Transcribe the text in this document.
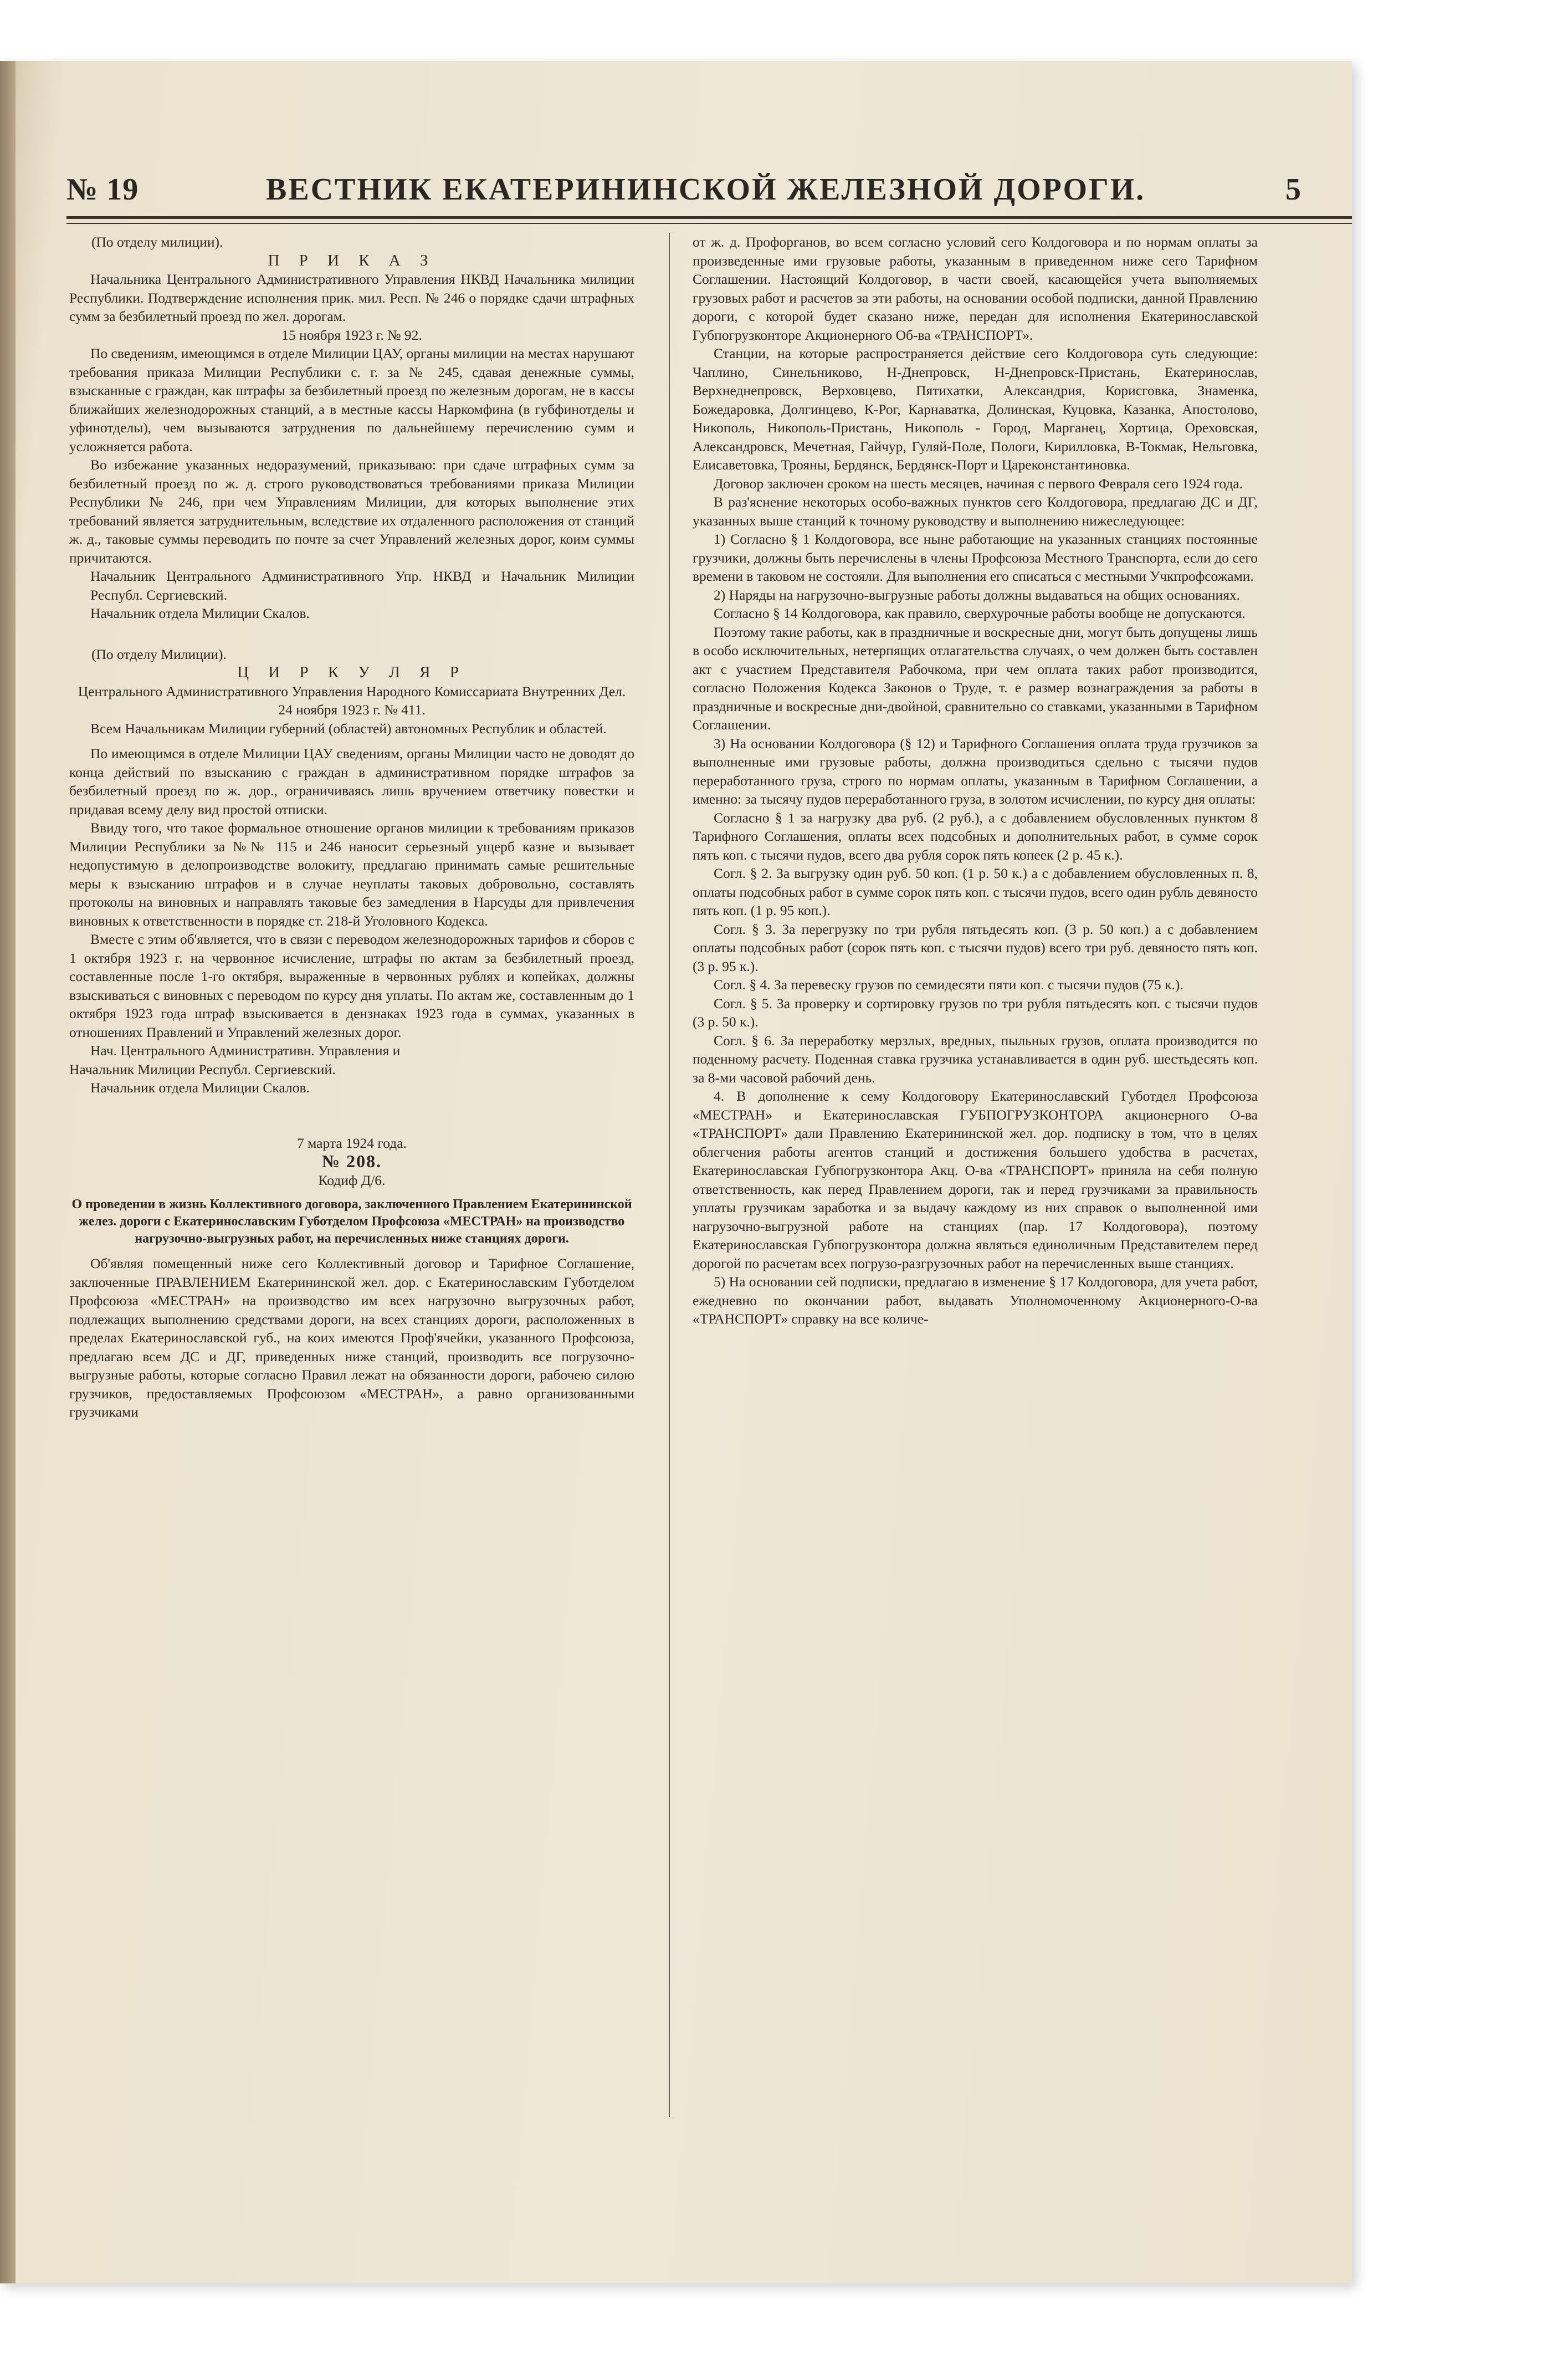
№ 19	ВЕСТНИК ЕКАТЕРИНИНСКОЙ ЖЕЛЕЗНОЙ ДОРОГИ.	5

(По отделу милиции).

П Р И К А З

Начальника Центрального Административного Управления НКВД Начальника милиции Республики. Подтверждение исполнения прик. мил. Респ. № 246 о порядке сдачи штрафных сумм за безбилетный проезд по жел. дорогам.

15 ноября 1923 г. № 92.

По сведениям, имеющимся в отделе Милиции ЦАУ, органы милиции на местах нарушают требования приказа Милиции Республики с. г. за № 245, сдавая денежные суммы, взысканные с граждан, как штрафы за безбилетный проезд по железным дорогам, не в кассы ближайших железнодорожных станций, а в местные кассы Наркомфина (в губфинотделы и уфинотделы), чем вызываются затруднения по дальнейшему перечислению сумм и усложняется работа.

Во избежание указанных недоразумений, приказываю: при сдаче штрафных сумм за безбилетный проезд по ж. д. строго руководствоваться требованиями приказа Милиции Республики № 246, при чем Управлениям Милиции, для которых выполнение этих требований является затруднительным, вследствие их отдаленного расположения от станций ж. д., таковые суммы переводить по почте за счет Управлений железных дорог, коим суммы причитаются.

Начальник Центрального Административного Упр. НКВД и Начальник Милиции Республ. Сергиевский.

Начальник отдела Милиции Скалов.

(По отделу Милиции).

Ц И Р К У Л Я Р

Центрального Административного Управления Народного Комиссариата Внутренних Дел.

24 ноября 1923 г. № 411.

Всем Начальникам Милиции губерний (областей) автономных Республик и областей.

По имеющимся в отделе Милиции ЦАУ сведениям, органы Милиции часто не доводят до конца действий по взысканию с граждан в административном порядке штрафов за безбилетный проезд по ж. дор., ограничиваясь лишь вручением ответчику повестки и придавая всему делу вид простой отписки.

Ввиду того, что такое формальное отношение органов милиции к требованиям приказов Милиции Республики за №№ 115 и 246 наносит серьезный ущерб казне и вызывает недопустимую в делопроизводстве волокиту, предлагаю принимать самые решительные меры к взысканию штрафов и в случае неуплаты таковых добровольно, составлять протоколы на виновных и направлять таковые без замедления в Нарсуды для привлечения виновных к ответственности в порядке ст. 218-й Уголовного Кодекса.

Вместе с этим об'является, что в связи с переводом железнодорожных тарифов и сборов с 1 октября 1923 г. на червонное исчисление, штрафы по актам за безбилетный проезд, составленные после 1-го октября, выраженные в червонных рублях и копейках, должны взыскиваться с виновных с переводом по курсу дня уплаты. По актам же, составленным до 1 октября 1923 года штраф взыскивается в дензнаках 1923 года в суммах, указанных в отношениях Правлений и Управлений железных дорог.

Нач. Центрального Административн. Управления и

Начальник Милиции Республ. Сергиевский.

Начальник отдела Милиции Скалов.

7 марта 1924 года.

№ 208.

Кодиф Д/6.

О проведении в жизнь Коллективного договора, заключенного Правлением Екатерининской желез. дороги с Екатеринославским Губотделом Профсоюза «МЕСТРАН» на производство нагрузочно-выгрузных работ, на перечисленных ниже станциях дороги.

Об'являя помещенный ниже сего Коллективный договор и Тарифное Соглашение, заключенные ПРАВЛЕНИЕМ Екатерининской жел. дор. с Екатеринославским Губотделом Профсоюза «МЕСТРАН» на производство им всех нагрузочно выгрузочных работ, подлежащих выполнению средствами дороги, на всех станциях дороги, расположенных в пределах Екатеринославской губ., на коих имеются Проф'ячейки, указанного Профсоюза, предлагаю всем ДС и ДГ, приведенных ниже станций, производить все погрузочно-выгрузные работы, которые согласно Правил лежат на обязанности дороги, рабочею силою грузчиков, предоставляемых Профсоюзом «МЕСТРАН», а равно организованными грузчиками

от ж. д. Профорганов, во всем согласно условий сего Колдоговора и по нормам оплаты за произведенные ими грузовые работы, указанным в приведенном ниже сего Тарифном Соглашении. Настоящий Колдоговор, в части своей, касающейся учета выполняемых грузовых работ и расчетов за эти работы, на основании особой подписки, данной Правлению дороги, с которой будет сказано ниже, передан для исполнения Екатеринославской Губпогрузконторе Акционерного Об-ва «ТРАНСПОРТ».

Станции, на которые распространяется действие сего Колдоговора суть следующие: Чаплино, Синельниково, Н-Днепровск, Н-Днепровск-Пристань, Екатеринослав, Верхнеднепровск, Верховцево, Пятихатки, Александрия, Корисговка, Знаменка, Божедаровка, Долгинцево, К-Рог, Карнаватка, Долинская, Куцовка, Казанка, Апостолово, Никополь, Никополь-Пристань, Никополь - Город, Марганец, Хортица, Ореховская, Александровск, Мечетная, Гайчур, Гуляй-Поле, Пологи, Кирилловка, В-Токмак, Нельговка, Елисаветовка, Трояны, Бердянск, Бердянск-Порт и Цареконстантиновка.

Договор заключен сроком на шесть месяцев, начиная с первого Февраля сего 1924 года.

В раз'яснение некоторых особо-важных пунктов сего Колдоговора, предлагаю ДС и ДГ, указанных выше станций к точному руководству и выполнению нижеследующее:

1) Согласно § 1 Колдоговора, все ныне работающие на указанных станциях постоянные грузчики, должны быть перечислены в члены Профсоюза Местного Транспорта, если до сего времени в таковом не состояли. Для выполнения его списаться с местными Учкпрофсожами.

2) Наряды на нагрузочно-выгрузные работы должны выдаваться на общих основаниях.

Согласно § 14 Колдоговора, как правило, сверхурочные работы вообще не допускаются.

Поэтому такие работы, как в праздничные и воскресные дни, могут быть допущены лишь в особо исключительных, нетерпящих отлагательства случаях, о чем должен быть составлен акт с участием Представителя Рабочкома, при чем оплата таких работ производится, согласно Положения Кодекса Законов о Труде, т. е размер вознаграждения за работы в праздничные и воскресные дни-двойной, сравнительно со ставками, указанными в Тарифном Соглашении.

3) На основании Колдоговора (§ 12) и Тарифного Соглашения оплата труда грузчиков за выполненные ими грузовые работы, должна производиться сдельно с тысячи пудов переработанного груза, строго по нормам оплаты, указанным в Тарифном Соглашении, а именно: за тысячу пудов переработанного груза, в золотом исчислении, по курсу дня оплаты:

Согласно § 1 за нагрузку два руб. (2 руб.), а с добавлением обусловленных пунктом 8 Тарифного Соглашения, оплаты всех подсобных и дополнительных работ, в сумме сорок пять коп. с тысячи пудов, всего два рубля сорок пять копеек (2 р. 45 к.).

Согл. § 2. За выгрузку один руб. 50 коп. (1 р. 50 к.) а с добавлением обусловленных п. 8, оплаты подсобных работ в сумме сорок пять коп. с тысячи пудов, всего один рубль девяносто пять коп. (1 р. 95 коп.).

Согл. § 3. За перегрузку по три рубля пятьдесять коп. (3 р. 50 коп.) а с добавлением оплаты подсобных работ (сорок пять коп. с тысячи пудов) всего три руб. девяносто пять коп. (3 р. 95 к.).

Согл. § 4. За перевеску грузов по семидесяти пяти коп. с тысячи пудов (75 к.).

Согл. § 5. За проверку и сортировку грузов по три рубля пятьдесять коп. с тысячи пудов (3 р. 50 к.).

Согл. § 6. За переработку мерзлых, вредных, пыльных грузов, оплата производится по поденному расчету. Поденная ставка грузчика устанавливается в один руб. шестьдесять коп. за 8-ми часовой рабочий день.

4. В дополнение к сему Колдоговору Екатеринославский Губотдел Профсоюза «МЕСТРАН» и Екатеринославская ГУБПОГРУЗКОНТОРА акционерного О-ва «ТРАНСПОРТ» дали Правлению Екатерининской жел. дор. подписку в том, что в целях облегчения работы агентов станций и достижения большего удобства в расчетах, Екатеринославская Губпогрузконтора Акц. О-ва «ТРАНСПОРТ» приняла на себя полную ответственность, как перед Правлением дороги, так и перед грузчиками за правильность уплаты грузчикам заработка и за выдачу каждому из них справок о выполненной ими нагрузочно-выгрузной работе на станциях (пар. 17 Колдоговора), поэтому Екатеринославская Губпогрузконтора должна являться единоличным Представителем перед дорогой по расчетам всех погрузо-разгрузочных работ на перечисленных выше станциях.

5) На основании сей подписки, предлагаю в изменение § 17 Колдоговора, для учета работ, ежедневно по окончании работ, выдавать Уполномоченному Акционерного-О-ва «ТРАНСПОРТ» справку на все количе-
